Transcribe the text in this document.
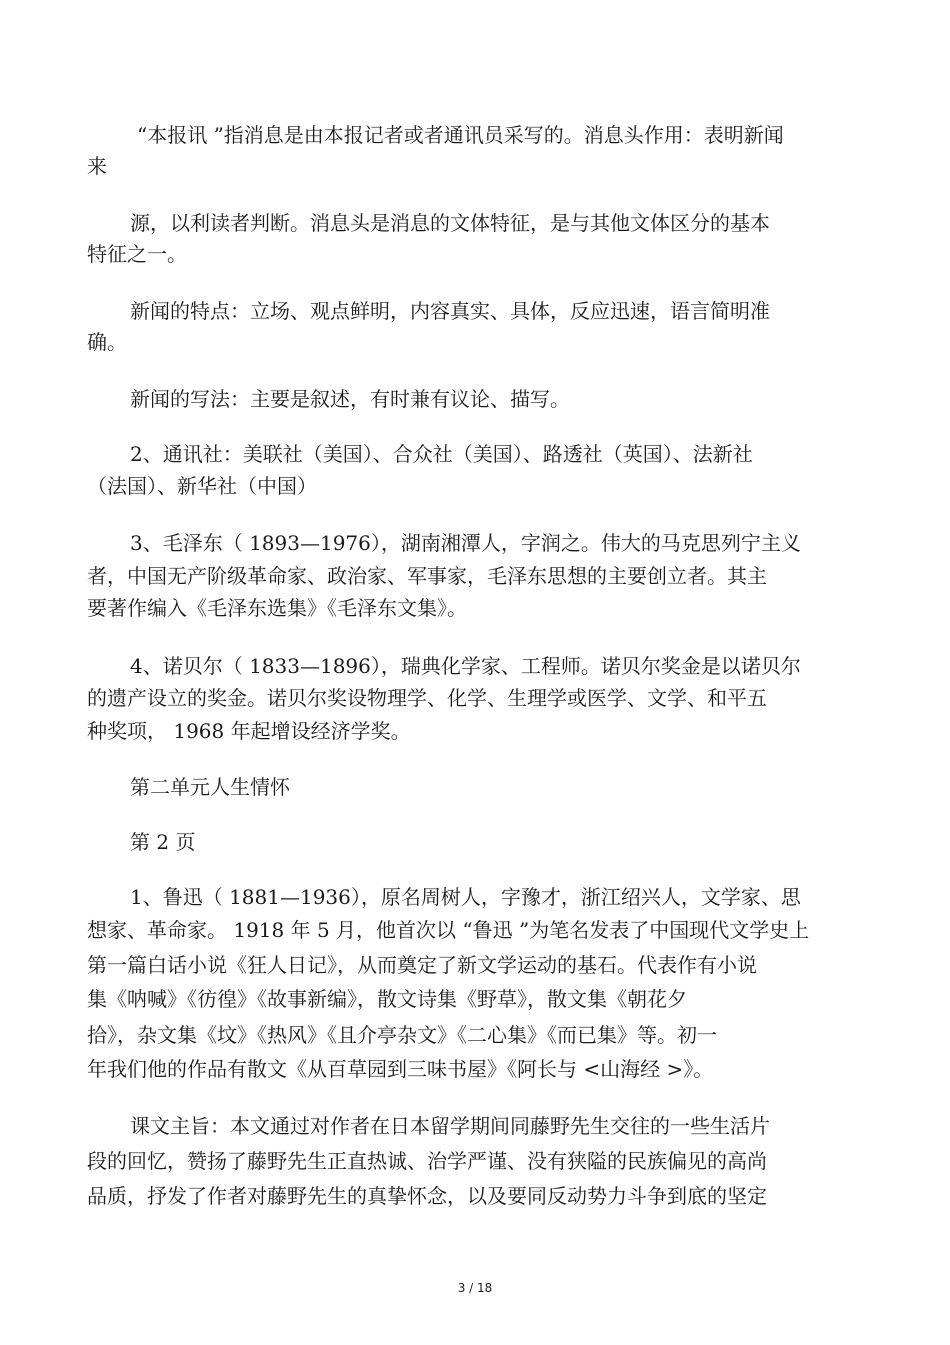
“本报讯 ”指消息是由本报记者或者通讯员采写的。消息头作用：表明新闻
来
源，以利读者判断。消息头是消息的文体特征，是与其他文体区分的基本
特征之一。
新闻的特点：立场、观点鲜明，内容真实、具体，反应迅速，语言简明准
确。
新闻的写法：主要是叙述，有时兼有议论、描写。
2、通讯社：美联社（美国）、合众社（美国）、路透社（英国）、法新社
（法国）、新华社（中国）
3、毛泽东（ 1893—1976），湖南湘潭人，字润之。伟大的马克思列宁主义
者，中国无产阶级革命家、政治家、军事家，毛泽东思想的主要创立者。其主
要著作编入《毛泽东选集》《毛泽东文集》。
4、诺贝尔（ 1833—1896），瑞典化学家、工程师。诺贝尔奖金是以诺贝尔
的遗产设立的奖金。诺贝尔奖设物理学、化学、生理学或医学、文学、和平五
种奖项， 1968 年起增设经济学奖。
第二单元人生情怀
第 2 页
1、鲁迅（ 1881—1936），原名周树人，字豫才，浙江绍兴人，文学家、思
想家、革命家。 1918 年 5 月，他首次以 “鲁迅 ”为笔名发表了中国现代文学史上
第一篇白话小说《狂人日记》，从而奠定了新文学运动的基石。代表作有小说
集《呐喊》《彷徨》《故事新编》，散文诗集《野草》，散文集《朝花夕
拾》，杂文集《坟》《热风》《且介亭杂文》《二心集》《而已集》等。初一
年我们他的作品有散文《从百草园到三味书屋》《阿长与 <山海经 >》。
课文主旨：本文通过对作者在日本留学期间同藤野先生交往的一些生活片
段的回忆，赞扬了藤野先生正直热诚、治学严谨、没有狭隘的民族偏见的高尚
品质，抒发了作者对藤野先生的真挚怀念，以及要同反动势力斗争到底的坚定
3 / 18
